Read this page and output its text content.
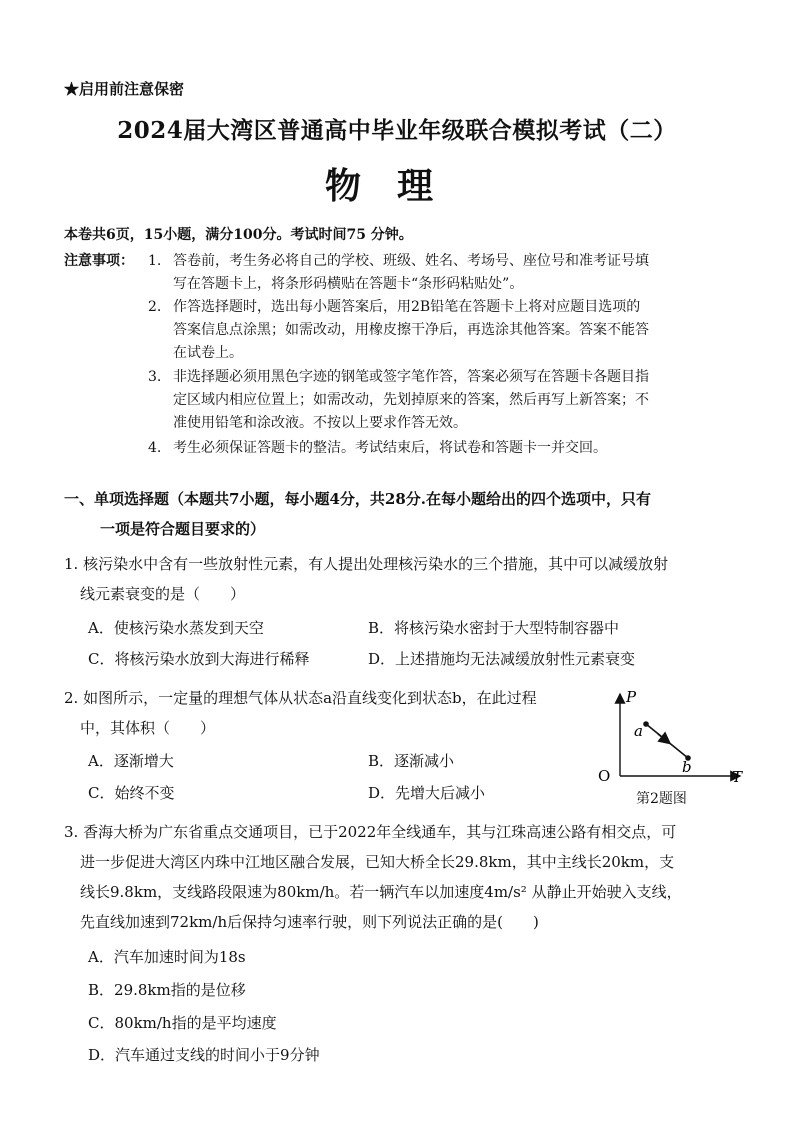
★启用前注意保密
2024届大湾区普通高中毕业年级联合模拟考试（二）
物理
本卷共6页，15小题，满分100分。考试时间75 分钟。
注意事项： 1. 答卷前，考生务必将自己的学校、班级、姓名、考场号、座位号和准考证号填
写在答题卡上，将条形码横贴在答题卡“条形码粘贴处”。
2. 作答选择题时，选出每小题答案后，用2B铅笔在答题卡上将对应题目选项的
答案信息点涂黑；如需改动，用橡皮擦干净后，再选涂其他答案。答案不能答
在试卷上。
3. 非选择题必须用黑色字迹的钢笔或签字笔作答，答案必须写在答题卡各题目指
定区域内相应位置上；如需改动，先划掉原来的答案，然后再写上新答案；不
准使用铅笔和涂改液。不按以上要求作答无效。
4. 考生必须保证答题卡的整洁。考试结束后，将试卷和答题卡一并交回。
一、单项选择题（本题共7小题，每小题4分，共28分.在每小题给出的四个选项中，只有
一项是符合题目要求的）
1. 核污染水中含有一些放射性元素，有人提出处理核污染水的三个措施，其中可以减缓放射
线元素衰变的是（　　）
A．使核污染水蒸发到天空	B．将核污染水密封于大型特制容器中
C．将核污染水放到大海进行稀释	D．上述措施均无法减缓放射性元素衰变
2. 如图所示，一定量的理想气体从状态a沿直线变化到状态b，在此过程
中，其体积（　　）
A．逐渐增大	B．逐渐减小
C．始终不变	D．先增大后减小
P
T
O
a
b
第2题图
3. 香海大桥为广东省重点交通项目，已于2022年全线通车，其与江珠高速公路有相交点，可
进一步促进大湾区内珠中江地区融合发展，已知大桥全长29.8km，其中主线长20km，支
线长9.8km，支线路段限速为80km/h。若一辆汽车以加速度4m/s² 从静止开始驶入支线，
先直线加速到72km/h后保持匀速率行驶，则下列说法正确的是(　　)
A．汽车加速时间为18s
B．29.8km指的是位移
C．80km/h指的是平均速度
D．汽车通过支线的时间小于9分钟
